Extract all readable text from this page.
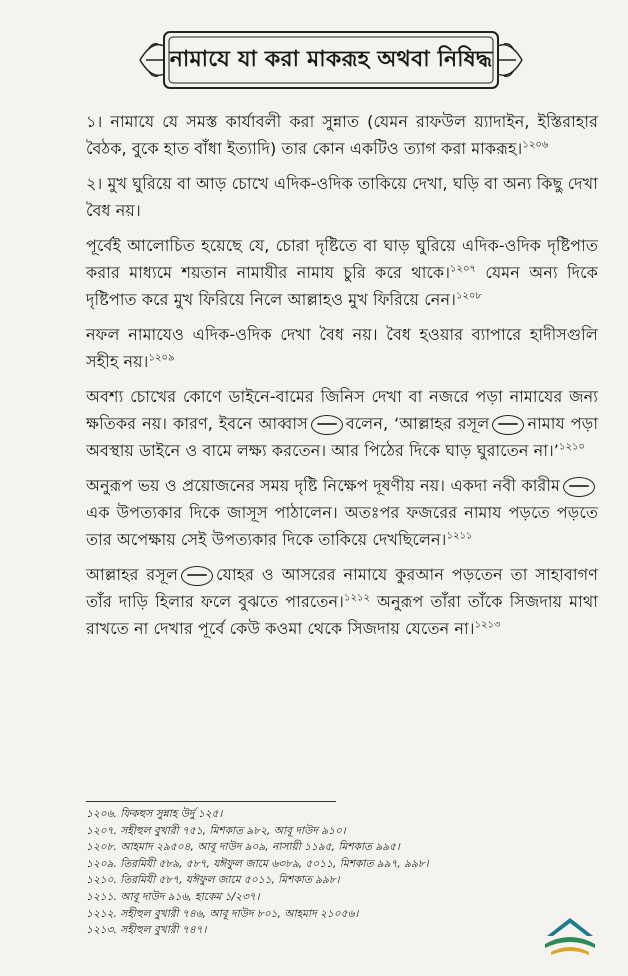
নামাযে যা করা মাকরূহ অথবা নিষিদ্ধ

১। নামাযে যে সমস্ত কার্যাবলী করা সুন্নাত (যেমন রাফউল য়্যাদাইন, ইস্তিরাহার বৈঠক, বুকে হাত বাঁধা ইত্যাদি) তার কোন একটিও ত্যাগ করা মাকরূহ।$^{১২০৬}$

২। মুখ ঘুরিয়ে বা আড় চোখে এদিক-ওদিক তাকিয়ে দেখা, ঘড়ি বা অন্য কিছু দেখা বৈধ নয়।

পূর্বেই আলোচিত হয়েছে যে, চোরা দৃষ্টিতে বা ঘাড় ঘুরিয়ে এদিক-ওদিক দৃষ্টিপাত করার মাধ্যমে শয়তান নামাযীর নামায চুরি করে থাকে।$^{১২০৭}$ যেমন অন্য দিকে দৃষ্টিপাত করে মুখ ফিরিয়ে নিলে আল্লাহও মুখ ফিরিয়ে নেন।$^{১২০৮}$

নফল নামাযেও এদিক-ওদিক দেখা বৈধ নয়। বৈধ হওয়ার ব্যাপারে হাদীসগুলি সহীহ নয়।$^{১২০৯}$

অবশ্য চোখের কোণে ডাইনে-বামের জিনিস দেখা বা নজরে পড়া নামাযের জন্য ক্ষতিকর নয়। কারণ, ইবনে আব্বাস বলেন, ‘আল্লাহর রসূল নামায পড়া অবস্থায় ডাইনে ও বামে লক্ষ্য করতেন। আর পিঠের দিকে ঘাড় ঘুরাতেন না।’$^{১২১০}$

অনুরূপ ভয় ও প্রয়োজনের সময় দৃষ্টি নিক্ষেপ দূষণীয় নয়। একদা নবী কারীমএক উপত্যকার দিকে জাসূস পাঠালেন। অতঃপর ফজরের নামায পড়তে পড়তে তার অপেক্ষায় সেই উপত্যকার দিকে তাকিয়ে দেখছিলেন।$^{১২১১}$

আল্লাহর রসূল যোহর ও আসরের নামাযে কুরআন পড়তেন তা সাহাবাগণ তাঁর দাড়ি হিলার ফলে বুঝতে পারতেন।$^{১২১২}$ অনুরূপ তাঁরা তাঁকে সিজদায় মাথা রাখতে না দেখার পূর্বে কেউ কওমা থেকে সিজদায় যেতেন না।$^{১২১৩}$

১২০৬. ফিকহুস সুন্নাহ উর্দু ১২৫।
১২০৭. সহীহুল বুখারী ৭৫১, মিশকাত ৯৮২, আবূ দাউদ ৯১০।
১২০৮. আহমাদ ২৯৫০৪, আবূ দাউদ ৯০৯, নাসায়ী ১১৯৫, মিশকাত ৯৯৫।
১২০৯. তিরমিযী ৫৮৯, ৫৮৭, যঈফুল জামে ৬৩৮৯, ৫০১১, মিশকাত ৯৯৭, ৯৯৮।
১২১০. তিরমিযী ৫৮৭, যঈফুল জামে ৫০১১, মিশকাত ৯৯৮।
১২১১. আবূ দাউদ ৯১৬, হাকেম ১/২৩৭।
১২১২. সহীহুল বুখারী ৭৪৬, আবূ দাউদ ৮০১, আহমাদ ২১০৫৬।
১২১৩. সহীহুল বুখারী ৭৪৭।
